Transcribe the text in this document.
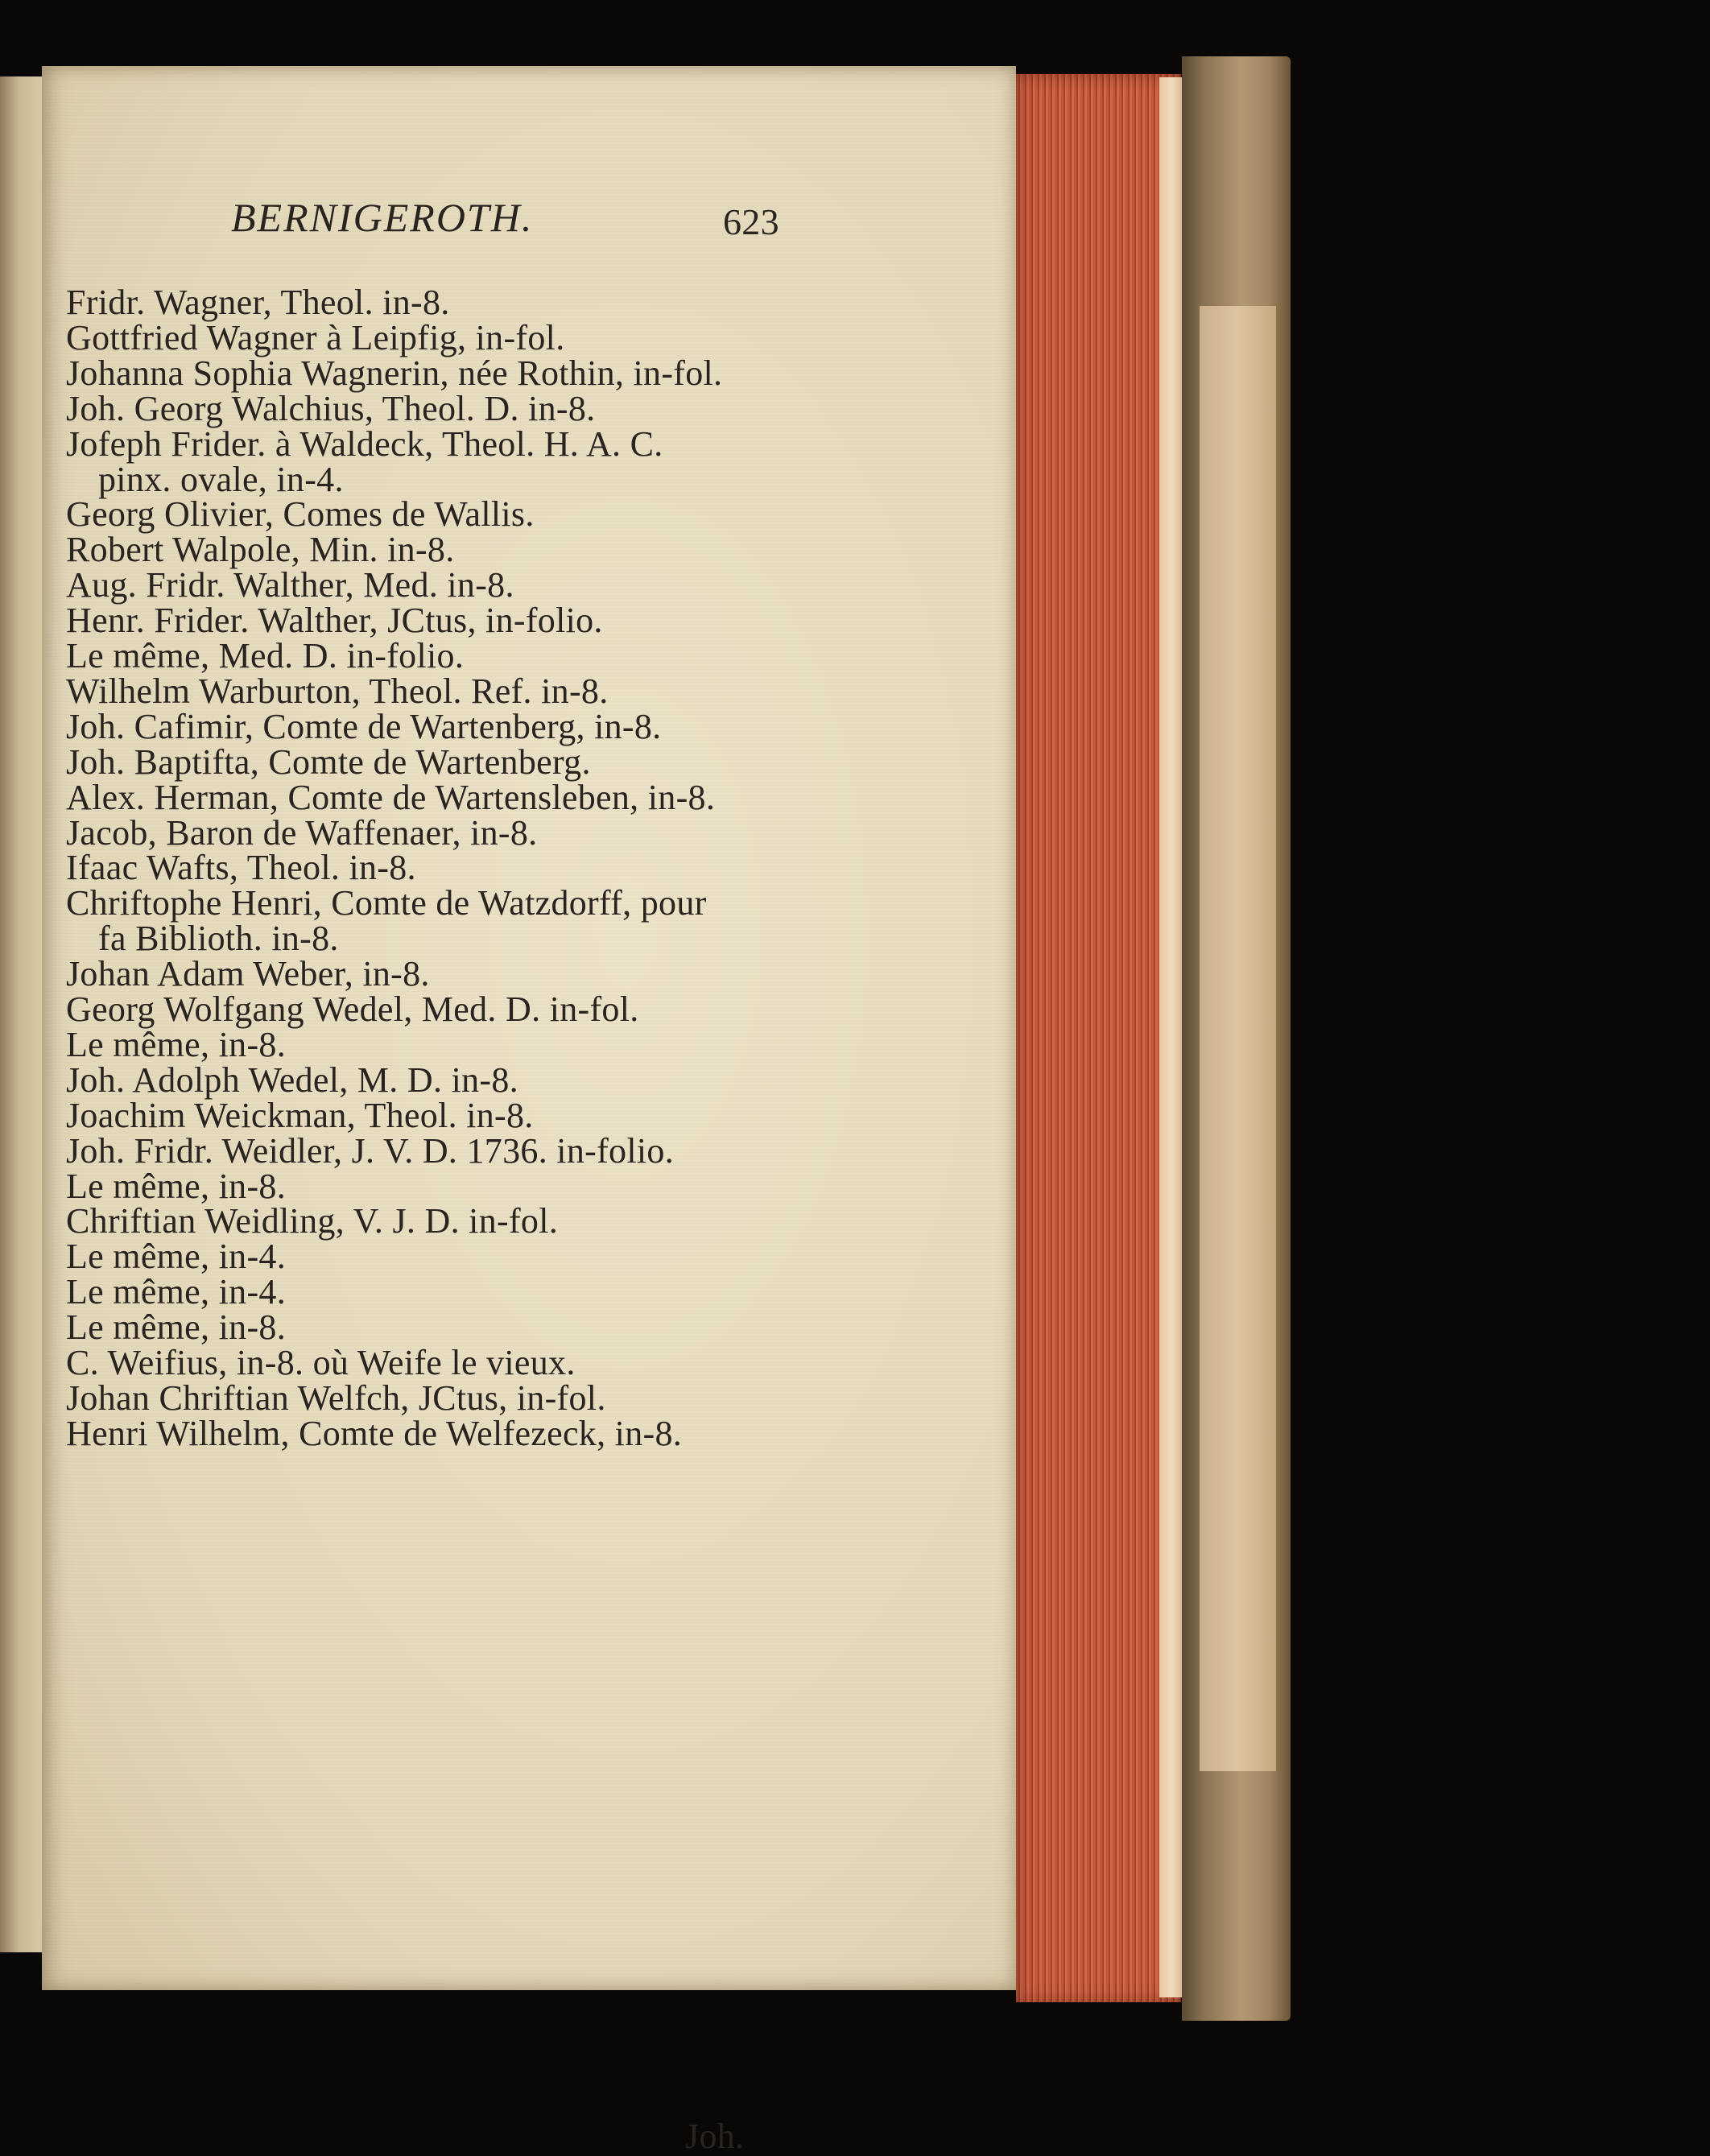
BERNIGEROTH.	623
Fridr. Wagner, Theol. in-8.
Gottfried Wagner à Leipfig, in-fol.
Johanna Sophia Wagnerin, née Rothin, in-fol.
Joh. Georg Walchius, Theol. D. in-8.
Jofeph Frider. à Waldeck, Theol. H. A. C.
pinx. ovale, in-4.
Georg Olivier, Comes de Wallis.
Robert Walpole, Min. in-8.
Aug. Fridr. Walther, Med. in-8.
Henr. Frider. Walther, JCtus, in-folio.
Le même, Med. D. in-folio.
Wilhelm Warburton, Theol. Ref. in-8.
Joh. Cafimir, Comte de Wartenberg, in-8.
Joh. Baptifta, Comte de Wartenberg.
Alex. Herman, Comte de Wartensleben, in-8.
Jacob, Baron de Waffenaer, in-8.
Ifaac Wafts, Theol. in-8.
Chriftophe Henri, Comte de Watzdorff, pour
fa Biblioth. in-8.
Johan Adam Weber, in-8.
Georg Wolfgang Wedel, Med. D. in-fol.
Le même, in-8.
Joh. Adolph Wedel, M. D. in-8.
Joachim Weickman, Theol. in-8.
Joh. Fridr. Weidler, J. V. D. 1736. in-folio.
Le même, in-8.
Chriftian Weidling, V. J. D. in-fol.
Le même, in-4.
Le même, in-4.
Le même, in-8.
C. Weifius, in-8. où Weife le vieux.
Johan Chriftian Welfch, JCtus, in-fol.
Henri Wilhelm, Comte de Welfezeck, in-8.
Joh.
